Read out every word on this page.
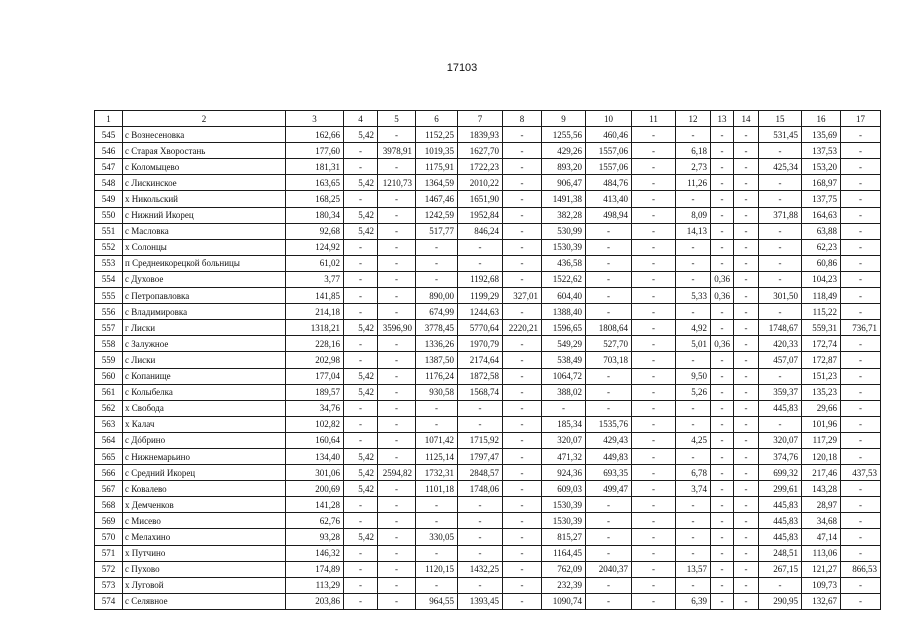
17103
1	2	3	4	5	6	7	8	9	10	11	12	13	14	15	16	17
545	с Вознесеновка	162,66	5,42	-	1152,25	1839,93	-	1255,56	460,46	-	-	-	-	531,45	135,69	-
546	с Старая Хворостань	177,60	-	3978,91	1019,35	1627,70	-	429,26	1557,06	-	6,18	-	-	-	137,53	-
547	с Коломыцево	181,31	-	-	1175,91	1722,23	-	893,20	1557,06	-	2,73	-	-	425,34	153,20	-
548	с Лискинское	163,65	5,42	1210,73	1364,59	2010,22	-	906,47	484,76	-	11,26	-	-	-	168,97	-
549	х Никольский	168,25	-	-	1467,46	1651,90	-	1491,38	413,40	-	-	-	-	-	137,75	-
550	с Нижний Икорец	180,34	5,42	-	1242,59	1952,84	-	382,28	498,94	-	8,09	-	-	371,88	164,63	-
551	с Масловка	92,68	5,42	-	517,77	846,24	-	530,99	-	-	14,13	-	-	-	63,88	-
552	х Солонцы	124,92	-	-	-	-	-	1530,39	-	-	-	-	-	-	62,23	-
553	п Среднеикорецкой больницы	61,02	-	-	-	-	-	436,58	-	-	-	-	-	-	60,86	-
554	с Духовое	3,77	-	-	-	1192,68	-	1522,62	-	-	-	0,36	-	-	104,23	-
555	с Петропавловка	141,85	-	-	890,00	1199,29	327,01	604,40	-	-	5,33	0,36	-	301,50	118,49	-
556	с Владимировка	214,18	-	-	674,99	1244,63	-	1388,40	-	-	-	-	-	-	115,22	-
557	г Лиски	1318,21	5,42	3596,90	3778,45	5770,64	2220,21	1596,65	1808,64	-	4,92	-	-	1748,67	559,31	736,71
558	с Залужное	228,16	-	-	1336,26	1970,79	-	549,29	527,70	-	5,01	0,36	-	420,33	172,74	-
559	с Лиски	202,98	-	-	1387,50	2174,64	-	538,49	703,18	-	-	-	-	457,07	172,87	-
560	с Копанище	177,04	5,42	-	1176,24	1872,58	-	1064,72	-	-	9,50	-	-	-	151,23	-
561	с Колыбелка	189,57	5,42	-	930,58	1568,74	-	388,02	-	-	5,26	-	-	359,37	135,23	-
562	х Свобода	34,76	-	-	-	-	-	-	-	-	-	-	-	445,83	29,66	-
563	х Калач	102,82	-	-	-	-	-	185,34	1535,76	-	-	-	-	-	101,96	-
564	с Дóбрино	160,64	-	-	1071,42	1715,92	-	320,07	429,43	-	4,25	-	-	320,07	117,29	-
565	с Нижнемарьино	134,40	5,42	-	1125,14	1797,47	-	471,32	449,83	-	-	-	-	374,76	120,18	-
566	с Средний Икорец	301,06	5,42	2594,82	1732,31	2848,57	-	924,36	693,35	-	6,78	-	-	699,32	217,46	437,53
567	с Ковалево	200,69	5,42	-	1101,18	1748,06	-	609,03	499,47	-	3,74	-	-	299,61	143,28	-
568	х Демченков	141,28	-	-	-	-	-	1530,39	-	-	-	-	-	445,83	28,97	-
569	с Мисево	62,76	-	-	-	-	-	1530,39	-	-	-	-	-	445,83	34,68	-
570	с Мелахино	93,28	5,42	-	330,05	-	-	815,27	-	-	-	-	-	445,83	47,14	-
571	х Путчино	146,32	-	-	-	-	-	1164,45	-	-	-	-	-	248,51	113,06	-
572	с Пухово	174,89	-	-	1120,15	1432,25	-	762,09	2040,37	-	13,57	-	-	267,15	121,27	866,53
573	х Луговой	113,29	-	-	-	-	-	232,39	-	-	-	-	-	-	109,73	-
574	с Селявное	203,86	-	-	964,55	1393,45	-	1090,74	-	-	6,39	-	-	290,95	132,67	-
